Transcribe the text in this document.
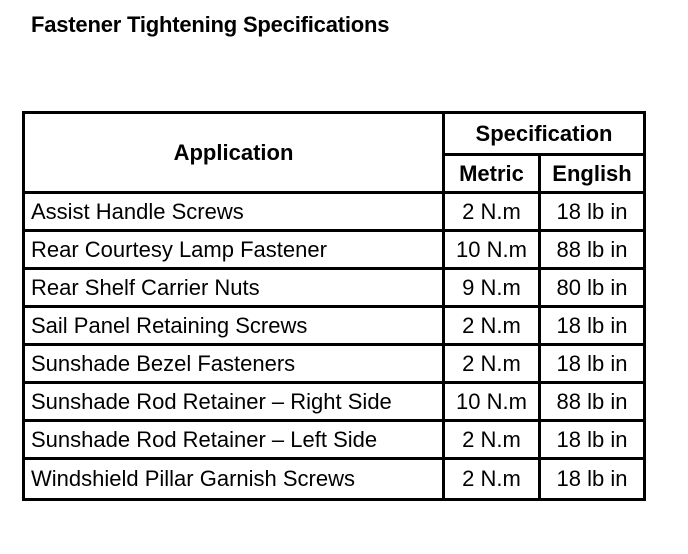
Fastener Tightening Specifications
Application	Specification	
	Metric	English
Assist Handle Screws	2 N.m	18 lb in
Rear Courtesy Lamp Fastener	10 N.m	88 lb in
Rear Shelf Carrier Nuts	9 N.m	80 lb in
Sail Panel Retaining Screws	2 N.m	18 lb in
Sunshade Bezel Fasteners	2 N.m	18 lb in
Sunshade Rod Retainer – Right Side	10 N.m	88 lb in
Sunshade Rod Retainer – Left Side	2 N.m	18 lb in
Windshield Pillar Garnish Screws	2 N.m	18 lb in
